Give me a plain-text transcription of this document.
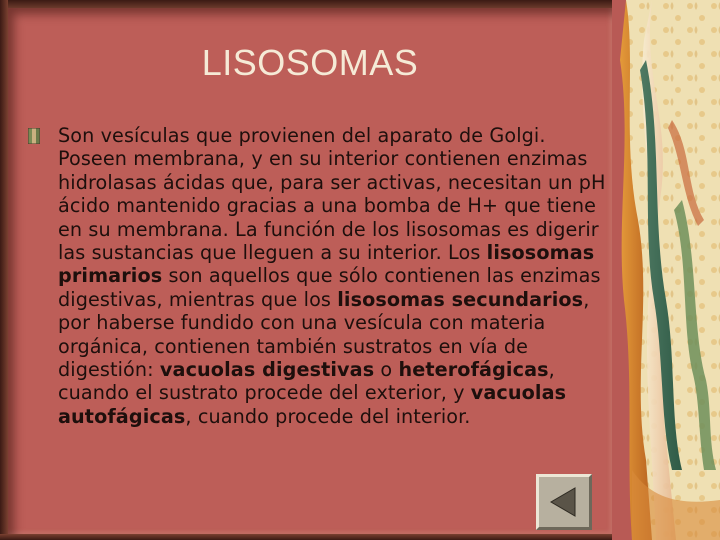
LISOSOMAS
Son vesículas que provienen del aparato de Golgi. Poseen membrana, y en su interior contienen enzimas hidrolasas ácidas que, para ser activas, necesitan un pH ácido mantenido gracias a una bomba de H+ que tiene en su membrana. La función de los lisosomas es digerir las sustancias que lleguen a su interior. Los lisosomas primarios son aquellos que sólo contienen las enzimas digestivas, mientras que los lisosomas secundarios, por haberse fundido con una vesícula con materia orgánica, contienen también sustratos en vía de digestión: vacuolas digestivas o heterofágicas, cuando el sustrato procede del exterior, y vacuolas autofágicas, cuando procede del interior.
